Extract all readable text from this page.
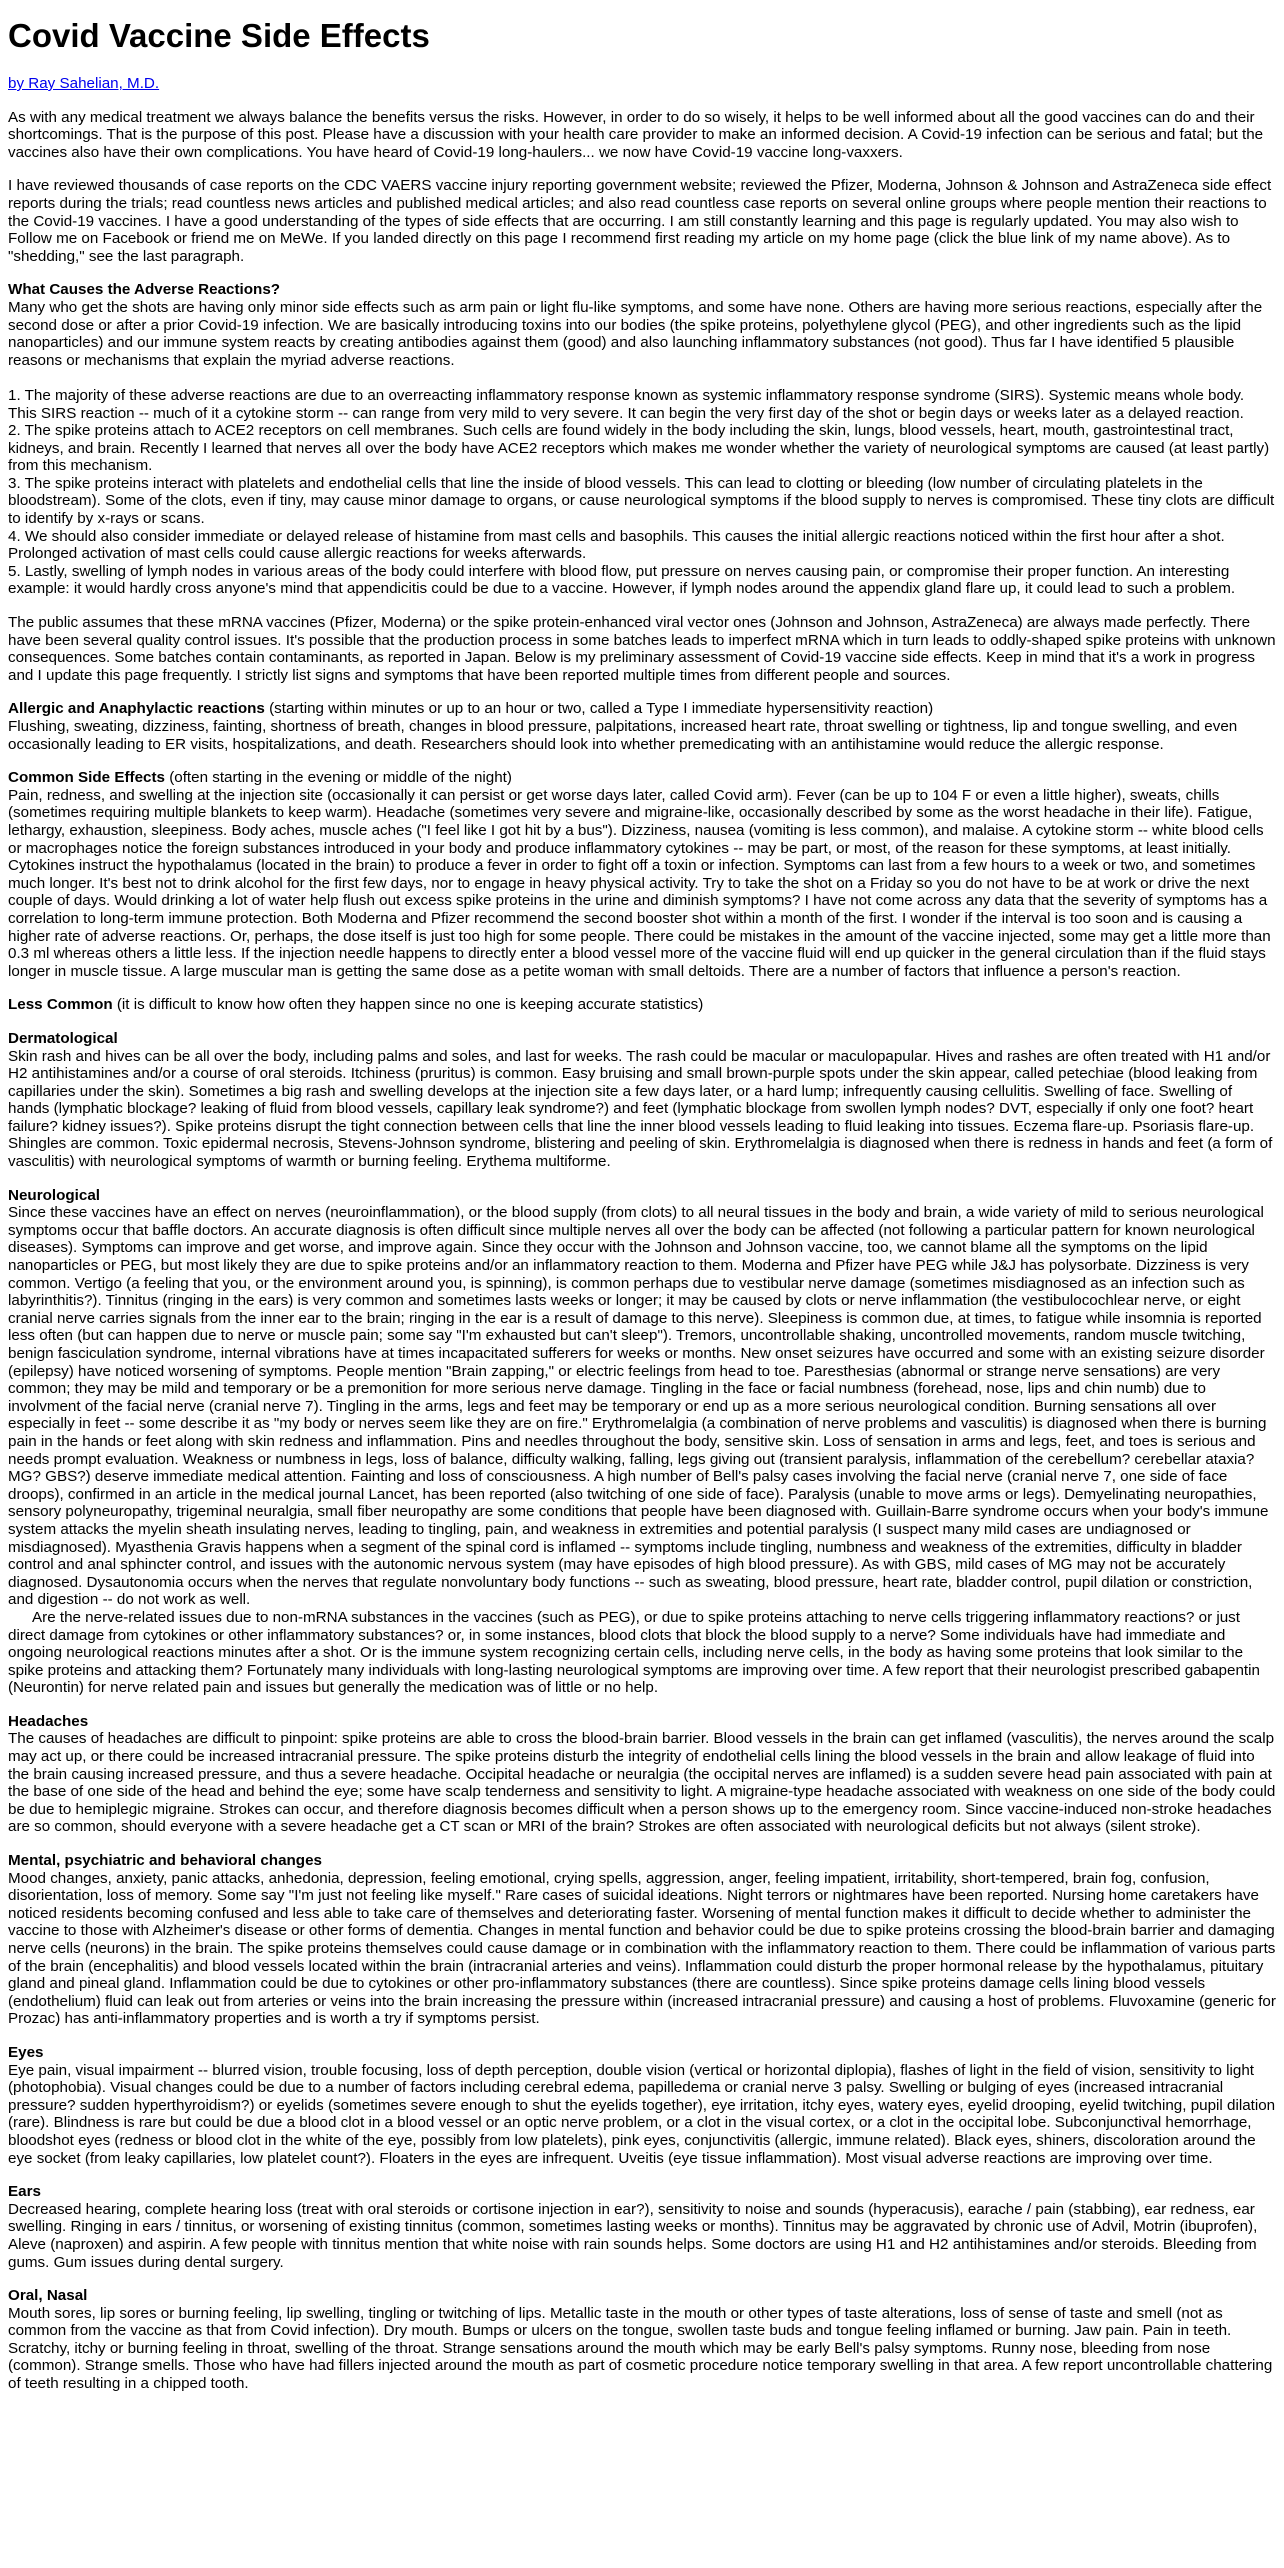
Covid Vaccine Side Effects

by Ray Sahelian, M.D.

As with any medical treatment we always balance the benefits versus the risks. However, in order to do so wisely, it helps to be well informed about all the good vaccines can do and their shortcomings. That is the purpose of this post. Please have a discussion with your health care provider to make an informed decision. A Covid-19 infection can be serious and fatal; but the vaccines also have their own complications. You have heard of Covid-19 long-haulers... we now have Covid-19 vaccine long-vaxxers.

I have reviewed thousands of case reports on the CDC VAERS vaccine injury reporting government website; reviewed the Pfizer, Moderna, Johnson & Johnson and AstraZeneca side effect reports during the trials; read countless news articles and published medical articles; and also read countless case reports on several online groups where people mention their reactions to the Covid-19 vaccines. I have a good understanding of the types of side effects that are occurring. I am still constantly learning and this page is regularly updated. You may also wish to Follow me on Facebook or friend me on MeWe. If you landed directly on this page I recommend first reading my article on my home page (click the blue link of my name above). As to "shedding," see the last paragraph.

What Causes the Adverse Reactions?
Many who get the shots are having only minor side effects such as arm pain or light flu-like symptoms, and some have none. Others are having more serious reactions, especially after the second dose or after a prior Covid-19 infection. We are basically introducing toxins into our bodies (the spike proteins, polyethylene glycol (PEG), and other ingredients such as the lipid nanoparticles) and our immune system reacts by creating antibodies against them (good) and also launching inflammatory substances (not good). Thus far I have identified 5 plausible reasons or mechanisms that explain the myriad adverse reactions.

1. The majority of these adverse reactions are due to an overreacting inflammatory response known as systemic inflammatory response syndrome (SIRS). Systemic means whole body. This SIRS reaction -- much of it a cytokine storm -- can range from very mild to very severe. It can begin the very first day of the shot or begin days or weeks later as a delayed reaction.
2. The spike proteins attach to ACE2 receptors on cell membranes. Such cells are found widely in the body including the skin, lungs, blood vessels, heart, mouth, gastrointestinal tract, kidneys, and brain. Recently I learned that nerves all over the body have ACE2 receptors which makes me wonder whether the variety of neurological symptoms are caused (at least partly) from this mechanism.
3. The spike proteins interact with platelets and endothelial cells that line the inside of blood vessels. This can lead to clotting or bleeding (low number of circulating platelets in the bloodstream). Some of the clots, even if tiny, may cause minor damage to organs, or cause neurological symptoms if the blood supply to nerves is compromised. These tiny clots are difficult to identify by x-rays or scans.
4. We should also consider immediate or delayed release of histamine from mast cells and basophils. This causes the initial allergic reactions noticed within the first hour after a shot. Prolonged activation of mast cells could cause allergic reactions for weeks afterwards.
5. Lastly, swelling of lymph nodes in various areas of the body could interfere with blood flow, put pressure on nerves causing pain, or compromise their proper function. An interesting example: it would hardly cross anyone's mind that appendicitis could be due to a vaccine. However, if lymph nodes around the appendix gland flare up, it could lead to such a problem.

The public assumes that these mRNA vaccines (Pfizer, Moderna) or the spike protein-enhanced viral vector ones (Johnson and Johnson, AstraZeneca) are always made perfectly. There have been several quality control issues. It's possible that the production process in some batches leads to imperfect mRNA which in turn leads to oddly-shaped spike proteins with unknown consequences. Some batches contain contaminants, as reported in Japan. Below is my preliminary assessment of Covid-19 vaccine side effects. Keep in mind that it's a work in progress and I update this page frequently. I strictly list signs and symptoms that have been reported multiple times from different people and sources.

Allergic and Anaphylactic reactions (starting within minutes or up to an hour or two, called a Type I immediate hypersensitivity reaction)
Flushing, sweating, dizziness, fainting, shortness of breath, changes in blood pressure, palpitations, increased heart rate, throat swelling or tightness, lip and tongue swelling, and even occasionally leading to ER visits, hospitalizations, and death. Researchers should look into whether premedicating with an antihistamine would reduce the allergic response.

Common Side Effects (often starting in the evening or middle of the night)
Pain, redness, and swelling at the injection site (occasionally it can persist or get worse days later, called Covid arm). Fever (can be up to 104 F or even a little higher), sweats, chills (sometimes requiring multiple blankets to keep warm). Headache (sometimes very severe and migraine-like, occasionally described by some as the worst headache in their life). Fatigue, lethargy, exhaustion, sleepiness. Body aches, muscle aches ("I feel like I got hit by a bus"). Dizziness, nausea (vomiting is less common), and malaise. A cytokine storm -- white blood cells or macrophages notice the foreign substances introduced in your body and produce inflammatory cytokines -- may be part, or most, of the reason for these symptoms, at least initially. Cytokines instruct the hypothalamus (located in the brain) to produce a fever in order to fight off a toxin or infection. Symptoms can last from a few hours to a week or two, and sometimes much longer. It's best not to drink alcohol for the first few days, nor to engage in heavy physical activity. Try to take the shot on a Friday so you do not have to be at work or drive the next couple of days. Would drinking a lot of water help flush out excess spike proteins in the urine and diminish symptoms? I have not come across any data that the severity of symptoms has a correlation to long-term immune protection. Both Moderna and Pfizer recommend the second booster shot within a month of the first. I wonder if the interval is too soon and is causing a higher rate of adverse reactions. Or, perhaps, the dose itself is just too high for some people. There could be mistakes in the amount of the vaccine injected, some may get a little more than 0.3 ml whereas others a little less. If the injection needle happens to directly enter a blood vessel more of the vaccine fluid will end up quicker in the general circulation than if the fluid stays longer in muscle tissue. A large muscular man is getting the same dose as a petite woman with small deltoids. There are a number of factors that influence a person's reaction.

Less Common (it is difficult to know how often they happen since no one is keeping accurate statistics)

Dermatological
Skin rash and hives can be all over the body, including palms and soles, and last for weeks. The rash could be macular or maculopapular. Hives and rashes are often treated with H1 and/or H2 antihistamines and/or a course of oral steroids. Itchiness (pruritus) is common. Easy bruising and small brown-purple spots under the skin appear, called petechiae (blood leaking from capillaries under the skin). Sometimes a big rash and swelling develops at the injection site a few days later, or a hard lump; infrequently causing cellulitis. Swelling of face. Swelling of hands (lymphatic blockage? leaking of fluid from blood vessels, capillary leak syndrome?) and feet (lymphatic blockage from swollen lymph nodes? DVT, especially if only one foot? heart failure? kidney issues?). Spike proteins disrupt the tight connection between cells that line the inner blood vessels leading to fluid leaking into tissues. Eczema flare-up. Psoriasis flare-up. Shingles are common. Toxic epidermal necrosis, Stevens-Johnson syndrome, blistering and peeling of skin. Erythromelalgia is diagnosed when there is redness in hands and feet (a form of vasculitis) with neurological symptoms of warmth or burning feeling. Erythema multiforme.

Neurological
Since these vaccines have an effect on nerves (neuroinflammation), or the blood supply (from clots) to all neural tissues in the body and brain, a wide variety of mild to serious neurological symptoms occur that baffle doctors. An accurate diagnosis is often difficult since multiple nerves all over the body can be affected (not following a particular pattern for known neurological diseases). Symptoms can improve and get worse, and improve again. Since they occur with the Johnson and Johnson vaccine, too, we cannot blame all the symptoms on the lipid nanoparticles or PEG, but most likely they are due to spike proteins and/or an inflammatory reaction to them. Moderna and Pfizer have PEG while J&J has polysorbate. Dizziness is very common. Vertigo (a feeling that you, or the environment around you, is spinning), is common perhaps due to vestibular nerve damage (sometimes misdiagnosed as an infection such as labyrinthitis?). Tinnitus (ringing in the ears) is very common and sometimes lasts weeks or longer; it may be caused by clots or nerve inflammation (the vestibulocochlear nerve, or eight cranial nerve carries signals from the inner ear to the brain; ringing in the ear is a result of damage to this nerve). Sleepiness is common due, at times, to fatigue while insomnia is reported less often (but can happen due to nerve or muscle pain; some say "I'm exhausted but can't sleep"). Tremors, uncontrollable shaking, uncontrolled movements, random muscle twitching, benign fasciculation syndrome, internal vibrations have at times incapacitated sufferers for weeks or months. New onset seizures have occurred and some with an existing seizure disorder (epilepsy) have noticed worsening of symptoms. People mention "Brain zapping," or electric feelings from head to toe. Paresthesias (abnormal or strange nerve sensations) are very common; they may be mild and temporary or be a premonition for more serious nerve damage. Tingling in the face or facial numbness (forehead, nose, lips and chin numb) due to involvment of the facial nerve (cranial nerve 7). Tingling in the arms, legs and feet may be temporary or end up as a more serious neurological condition. Burning sensations all over especially in feet -- some describe it as "my body or nerves seem like they are on fire." Erythromelalgia (a combination of nerve problems and vasculitis) is diagnosed when there is burning pain in the hands or feet along with skin redness and inflammation. Pins and needles throughout the body, sensitive skin. Loss of sensation in arms and legs, feet, and toes is serious and needs prompt evaluation. Weakness or numbness in legs, loss of balance, difficulty walking, falling, legs giving out (transient paralysis, inflammation of the cerebellum? cerebellar ataxia? MG? GBS?) deserve immediate medical attention. Fainting and loss of consciousness. A high number of Bell's palsy cases involving the facial nerve (cranial nerve 7, one side of face droops), confirmed in an article in the medical journal Lancet, has been reported (also twitching of one side of face). Paralysis (unable to move arms or legs). Demyelinating neuropathies, sensory polyneuropathy, trigeminal neuralgia, small fiber neuropathy are some conditions that people have been diagnosed with. Guillain-Barre syndrome occurs when your body's immune system attacks the myelin sheath insulating nerves, leading to tingling, pain, and weakness in extremities and potential paralysis (I suspect many mild cases are undiagnosed or misdiagnosed). Myasthenia Gravis happens when a segment of the spinal cord is inflamed -- symptoms include tingling, numbness and weakness of the extremities, difficulty in bladder control and anal sphincter control, and issues with the autonomic nervous system (may have episodes of high blood pressure). As with GBS, mild cases of MG may not be accurately diagnosed. Dysautonomia occurs when the nerves that regulate nonvoluntary body functions -- such as sweating, blood pressure, heart rate, bladder control, pupil dilation or constriction, and digestion -- do not work as well.
Are the nerve-related issues due to non-mRNA substances in the vaccines (such as PEG), or due to spike proteins attaching to nerve cells triggering inflammatory reactions? or just direct damage from cytokines or other inflammatory substances? or, in some instances, blood clots that block the blood supply to a nerve? Some individuals have had immediate and ongoing neurological reactions minutes after a shot. Or is the immune system recognizing certain cells, including nerve cells, in the body as having some proteins that look similar to the spike proteins and attacking them? Fortunately many individuals with long-lasting neurological symptoms are improving over time. A few report that their neurologist prescribed gabapentin (Neurontin) for nerve related pain and issues but generally the medication was of little or no help.

Headaches
The causes of headaches are difficult to pinpoint: spike proteins are able to cross the blood-brain barrier. Blood vessels in the brain can get inflamed (vasculitis), the nerves around the scalp may act up, or there could be increased intracranial pressure. The spike proteins disturb the integrity of endothelial cells lining the blood vessels in the brain and allow leakage of fluid into the brain causing increased pressure, and thus a severe headache. Occipital headache or neuralgia (the occipital nerves are inflamed) is a sudden severe head pain associated with pain at the base of one side of the head and behind the eye; some have scalp tenderness and sensitivity to light. A migraine-type headache associated with weakness on one side of the body could be due to hemiplegic migraine. Strokes can occur, and therefore diagnosis becomes difficult when a person shows up to the emergency room. Since vaccine-induced non-stroke headaches are so common, should everyone with a severe headache get a CT scan or MRI of the brain? Strokes are often associated with neurological deficits but not always (silent stroke).

Mental, psychiatric and behavioral changes
Mood changes, anxiety, panic attacks, anhedonia, depression, feeling emotional, crying spells, aggression, anger, feeling impatient, irritability, short-tempered, brain fog, confusion, disorientation, loss of memory. Some say "I'm just not feeling like myself." Rare cases of suicidal ideations. Night terrors or nightmares have been reported. Nursing home caretakers have noticed residents becoming confused and less able to take care of themselves and deteriorating faster. Worsening of mental function makes it difficult to decide whether to administer the vaccine to those with Alzheimer's disease or other forms of dementia. Changes in mental function and behavior could be due to spike proteins crossing the blood-brain barrier and damaging nerve cells (neurons) in the brain. The spike proteins themselves could cause damage or in combination with the inflammatory reaction to them. There could be inflammation of various parts of the brain (encephalitis) and blood vessels located within the brain (intracranial arteries and veins). Inflammation could disturb the proper hormonal release by the hypothalamus, pituitary gland and pineal gland. Inflammation could be due to cytokines or other pro-inflammatory substances (there are countless). Since spike proteins damage cells lining blood vessels (endothelium) fluid can leak out from arteries or veins into the brain increasing the pressure within (increased intracranial pressure) and causing a host of problems. Fluvoxamine (generic for Prozac) has anti-inflammatory properties and is worth a try if symptoms persist.

Eyes
Eye pain, visual impairment -- blurred vision, trouble focusing, loss of depth perception, double vision (vertical or horizontal diplopia), flashes of light in the field of vision, sensitivity to light (photophobia). Visual changes could be due to a number of factors including cerebral edema, papilledema or cranial nerve 3 palsy. Swelling or bulging of eyes (increased intracranial pressure? sudden hyperthyroidism?) or eyelids (sometimes severe enough to shut the eyelids together), eye irritation, itchy eyes, watery eyes, eyelid drooping, eyelid twitching, pupil dilation (rare). Blindness is rare but could be due a blood clot in a blood vessel or an optic nerve problem, or a clot in the visual cortex, or a clot in the occipital lobe. Subconjunctival hemorrhage, bloodshot eyes (redness or blood clot in the white of the eye, possibly from low platelets), pink eyes, conjunctivitis (allergic, immune related). Black eyes, shiners, discoloration around the eye socket (from leaky capillaries, low platelet count?). Floaters in the eyes are infrequent. Uveitis (eye tissue inflammation). Most visual adverse reactions are improving over time.

Ears
Decreased hearing, complete hearing loss (treat with oral steroids or cortisone injection in ear?), sensitivity to noise and sounds (hyperacusis), earache / pain (stabbing), ear redness, ear swelling. Ringing in ears / tinnitus, or worsening of existing tinnitus (common, sometimes lasting weeks or months). Tinnitus may be aggravated by chronic use of Advil, Motrin (ibuprofen), Aleve (naproxen) and aspirin. A few people with tinnitus mention that white noise with rain sounds helps. Some doctors are using H1 and H2 antihistamines and/or steroids. Bleeding from gums. Gum issues during dental surgery.

Oral, Nasal
Mouth sores, lip sores or burning feeling, lip swelling, tingling or twitching of lips. Metallic taste in the mouth or other types of taste alterations, loss of sense of taste and smell (not as common from the vaccine as that from Covid infection). Dry mouth. Bumps or ulcers on the tongue, swollen taste buds and tongue feeling inflamed or burning. Jaw pain. Pain in teeth. Scratchy, itchy or burning feeling in throat, swelling of the throat. Strange sensations around the mouth which may be early Bell's palsy symptoms. Runny nose, bleeding from nose (common). Strange smells. Those who have had fillers injected around the mouth as part of cosmetic procedure notice temporary swelling in that area. A few report uncontrollable chattering of teeth resulting in a chipped tooth.
